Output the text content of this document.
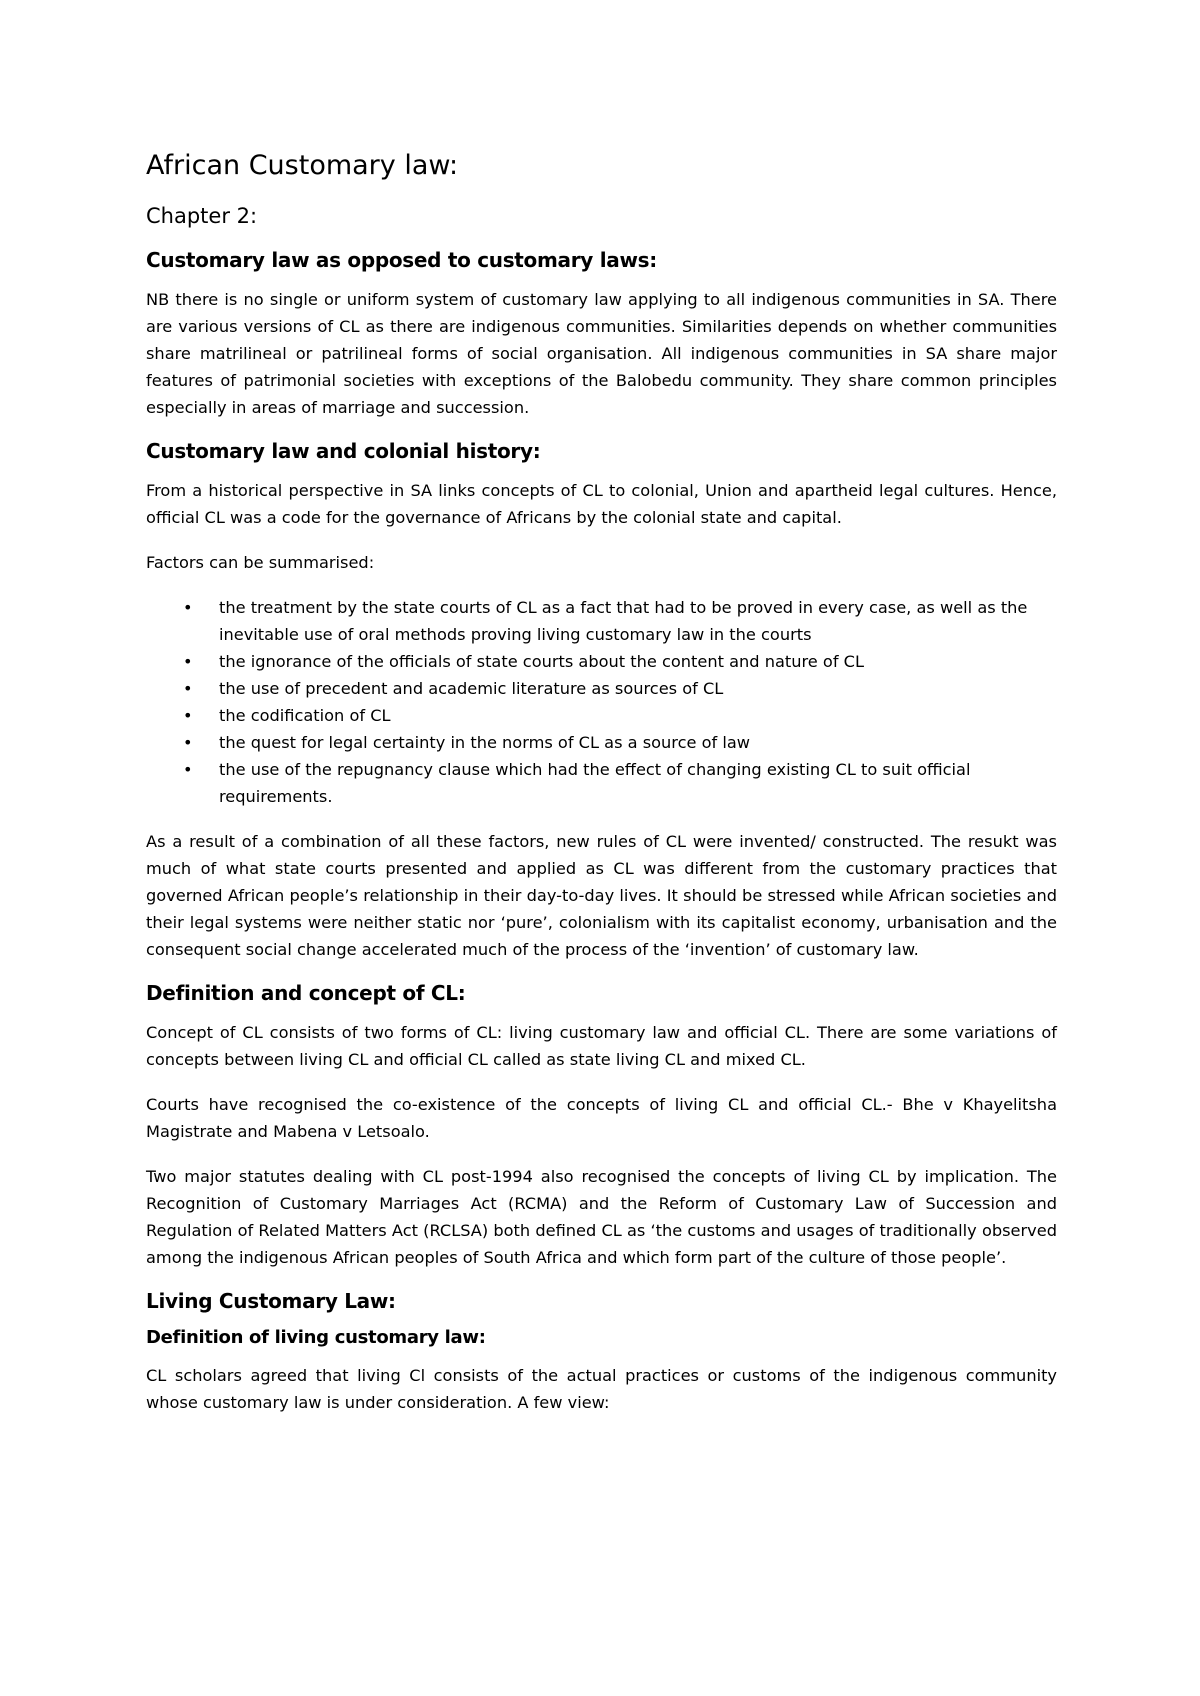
African Customary law:
Chapter 2:
Customary law as opposed to customary laws:

NB there is no single or uniform system of customary law applying to all indigenous communities in SA. There are various versions of CL as there are indigenous communities. Similarities depends on whether communities share matrilineal or patrilineal forms of social organisation. All indigenous communities in SA share major features of patrimonial societies with exceptions of the Balobedu community. They share common principles especially in areas of marriage and succession.

Customary law and colonial history:

From a historical perspective in SA links concepts of CL to colonial, Union and apartheid legal cultures. Hence, official CL was a code for the governance of Africans by the colonial state and capital.

Factors can be summarised:

• the treatment by the state courts of CL as a fact that had to be proved in every case, as well as the inevitable use of oral methods proving living customary law in the courts
• the ignorance of the officials of state courts about the content and nature of CL
• the use of precedent and academic literature as sources of CL
• the codification of CL
• the quest for legal certainty in the norms of CL as a source of law
• the use of the repugnancy clause which had the effect of changing existing CL to suit official requirements.

As a result of a combination of all these factors, new rules of CL were invented/ constructed. The resukt was much of what state courts presented and applied as CL was different from the customary practices that governed African people’s relationship in their day-to-day lives. It should be stressed while African societies and their legal systems were neither static nor ‘pure’, colonialism with its capitalist economy, urbanisation and the consequent social change accelerated much of the process of the ‘invention’ of customary law.

Definition and concept of CL:

Concept of CL consists of two forms of CL: living customary law and official CL. There are some variations of concepts between living CL and official CL called as state living CL and mixed CL.

Courts have recognised the co-existence of the concepts of living CL and official CL.- Bhe v Khayelitsha Magistrate and Mabena v Letsoalo.

Two major statutes dealing with CL post-1994 also recognised the concepts of living CL by implication. The Recognition of Customary Marriages Act (RCMA) and the Reform of Customary Law of Succession and Regulation of Related Matters Act (RCLSA) both defined CL as ‘the customs and usages of traditionally observed among the indigenous African peoples of South Africa and which form part of the culture of those people’.

Living Customary Law:
Definition of living customary law:

CL scholars agreed that living Cl consists of the actual practices or customs of the indigenous community whose customary law is under consideration. A few view:
